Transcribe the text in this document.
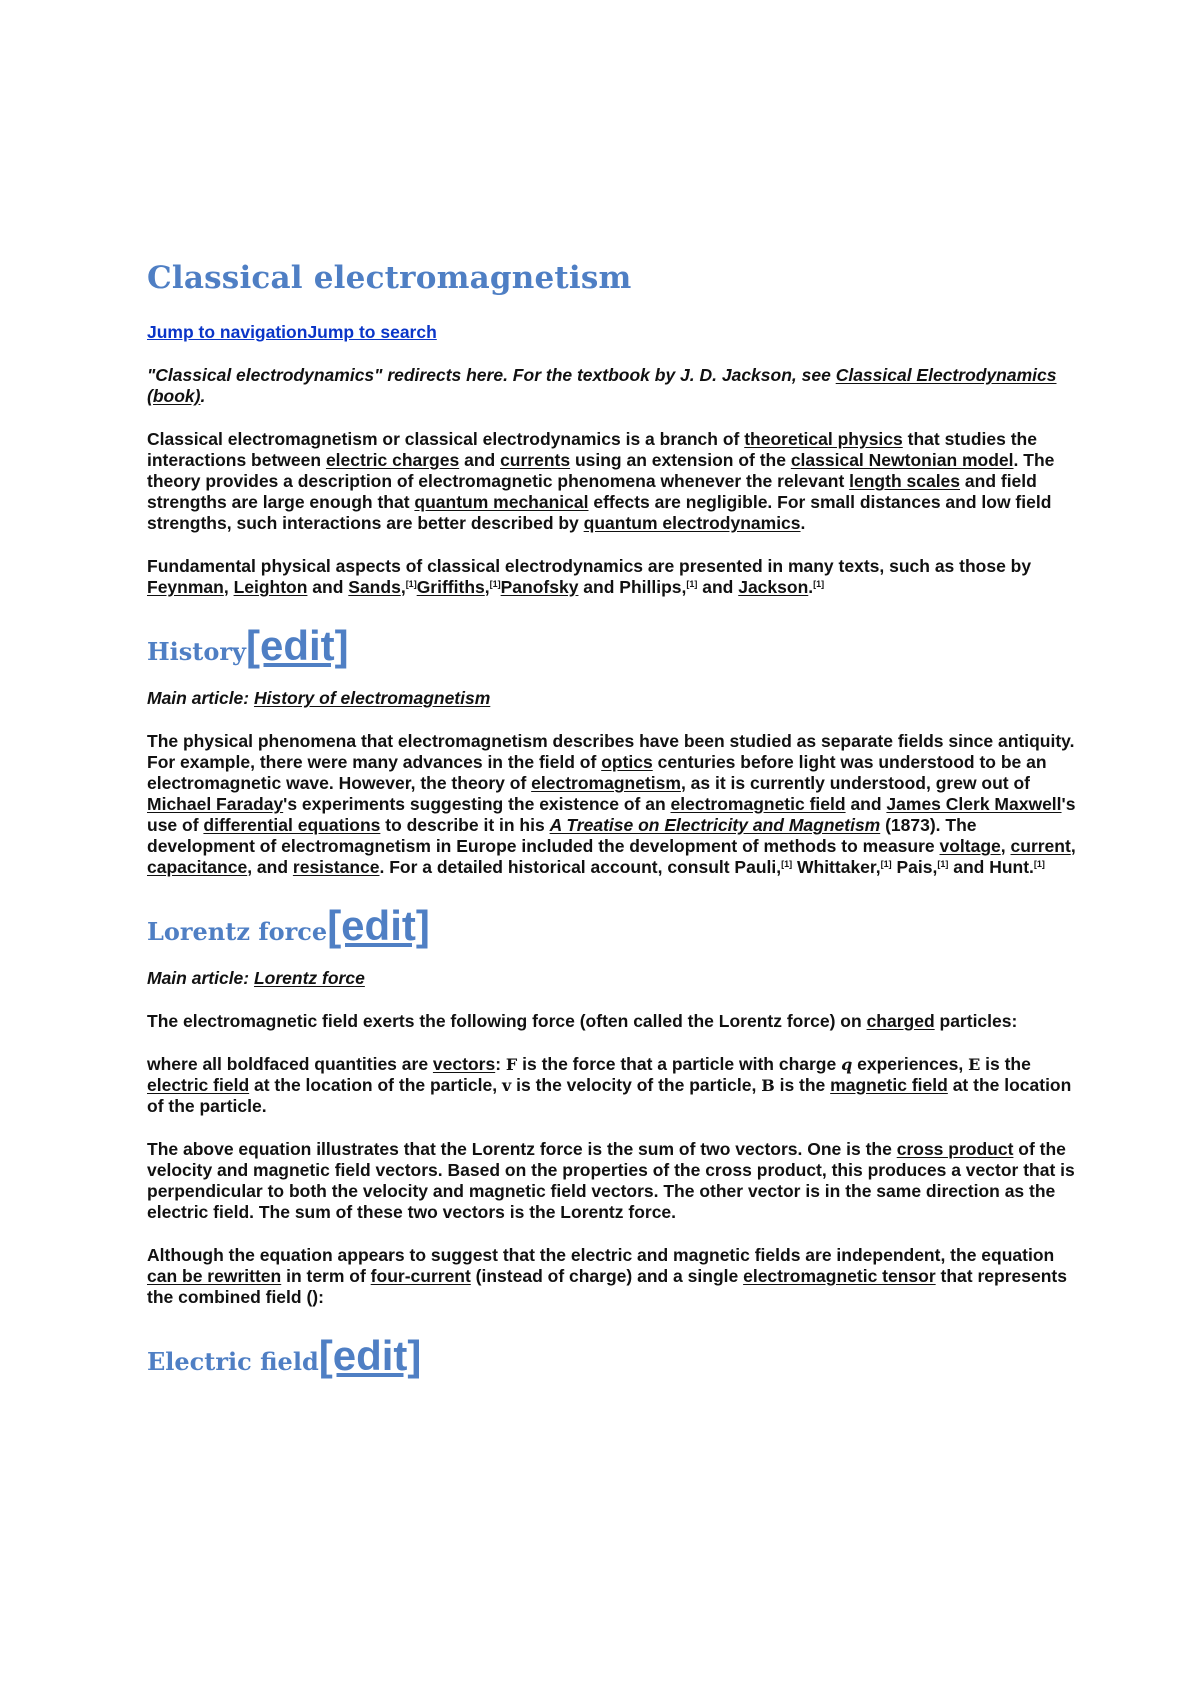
Classical electromagnetism

Jump to navigationJump to search

"Classical electrodynamics" redirects here. For the textbook by J. D. Jackson, see Classical Electrodynamics (book).

Classical electromagnetism or classical electrodynamics is a branch of theoretical physics that studies the interactions between electric charges and currents using an extension of the classical Newtonian model. The theory provides a description of electromagnetic phenomena whenever the relevant length scales and field strengths are large enough that quantum mechanical effects are negligible. For small distances and low field strengths, such interactions are better described by quantum electrodynamics.

Fundamental physical aspects of classical electrodynamics are presented in many texts, such as those by Feynman, Leighton and Sands,[1]Griffiths,[1]Panofsky and Phillips,[1] and Jackson.[1]

History[edit]

Main article: History of electromagnetism

The physical phenomena that electromagnetism describes have been studied as separate fields since antiquity. For example, there were many advances in the field of optics centuries before light was understood to be an electromagnetic wave. However, the theory of electromagnetism, as it is currently understood, grew out of Michael Faraday's experiments suggesting the existence of an electromagnetic field and James Clerk Maxwell's use of differential equations to describe it in his A Treatise on Electricity and Magnetism (1873). The development of electromagnetism in Europe included the development of methods to measure voltage, current, capacitance, and resistance. For a detailed historical account, consult Pauli,[1] Whittaker,[1] Pais,[1] and Hunt.[1]

Lorentz force[edit]

Main article: Lorentz force

The electromagnetic field exerts the following force (often called the Lorentz force) on charged particles:

where all boldfaced quantities are vectors: F is the force that a particle with charge q experiences, E is the electric field at the location of the particle, v is the velocity of the particle, B is the magnetic field at the location of the particle.

The above equation illustrates that the Lorentz force is the sum of two vectors. One is the cross product of the velocity and magnetic field vectors. Based on the properties of the cross product, this produces a vector that is perpendicular to both the velocity and magnetic field vectors. The other vector is in the same direction as the electric field. The sum of these two vectors is the Lorentz force.

Although the equation appears to suggest that the electric and magnetic fields are independent, the equation can be rewritten in term of four-current (instead of charge) and a single electromagnetic tensor that represents the combined field ():

Electric field[edit]
